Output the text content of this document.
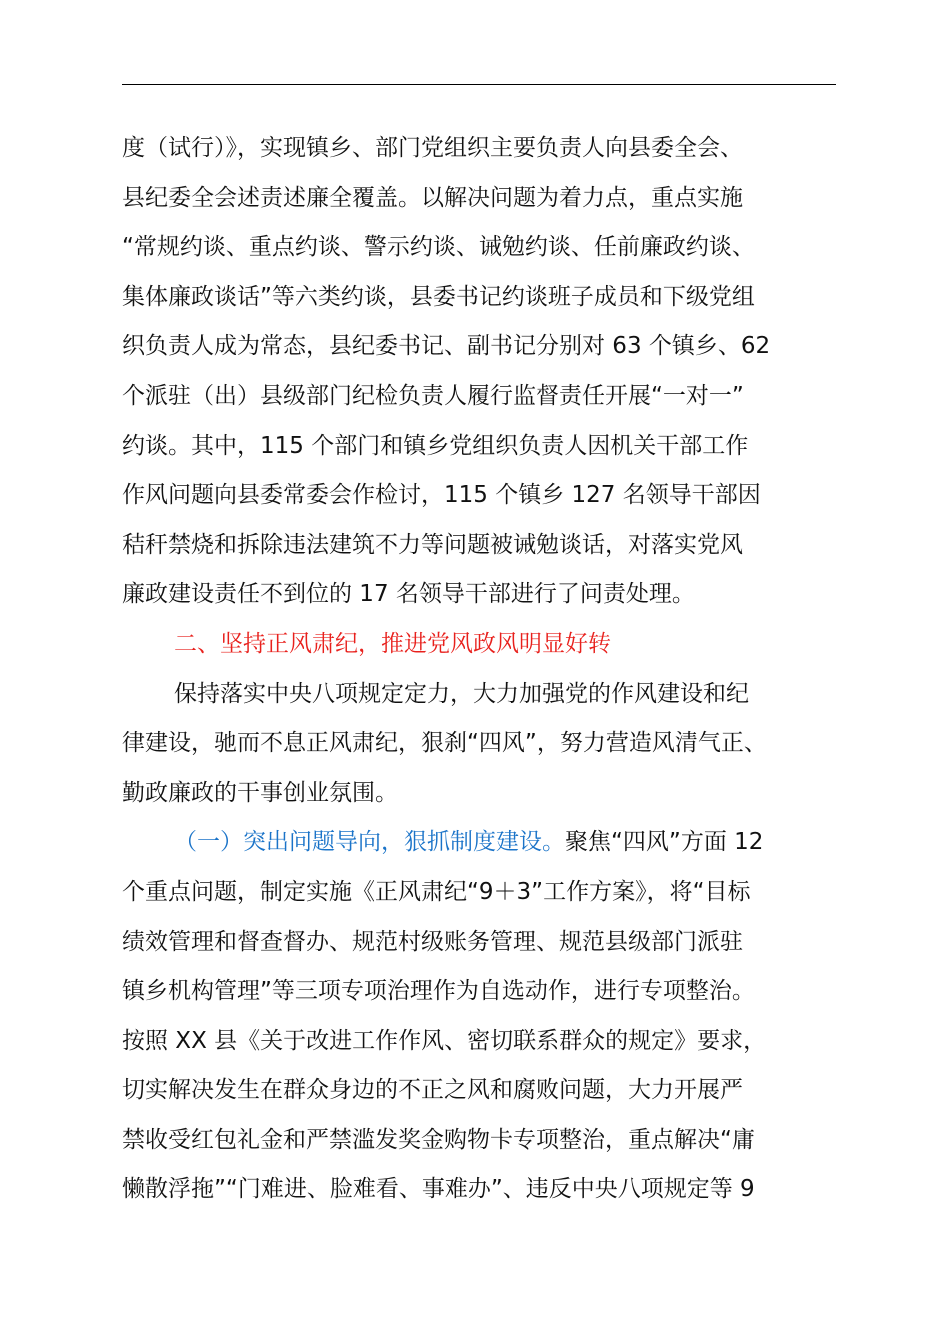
度（试行）》，实现镇乡、部门党组织主要负责人向县委全会、
县纪委全会述责述廉全覆盖。以解决问题为着力点，重点实施
“常规约谈、重点约谈、警示约谈、诫勉约谈、任前廉政约谈、
集体廉政谈话”等六类约谈，县委书记约谈班子成员和下级党组
织负责人成为常态，县纪委书记、副书记分别对 63 个镇乡、62
个派驻（出）县级部门纪检负责人履行监督责任开展“一对一”
约谈。其中，115 个部门和镇乡党组织负责人因机关干部工作
作风问题向县委常委会作检讨，115 个镇乡 127 名领导干部因
秸秆禁烧和拆除违法建筑不力等问题被诫勉谈话，对落实党风
廉政建设责任不到位的 17 名领导干部进行了问责处理。
二、坚持正风肃纪，推进党风政风明显好转
保持落实中央八项规定定力，大力加强党的作风建设和纪
律建设，驰而不息正风肃纪，狠刹“四风”，努力营造风清气正、
勤政廉政的干事创业氛围。
（一）突出问题导向，狠抓制度建设。聚焦“四风”方面 12
个重点问题，制定实施《正风肃纪“9＋3”工作方案》，将“目标
绩效管理和督查督办、规范村级账务管理、规范县级部门派驻
镇乡机构管理”等三项专项治理作为自选动作，进行专项整治。
按照 XX 县《关于改进工作作风、密切联系群众的规定》要求，
切实解决发生在群众身边的不正之风和腐败问题，大力开展严
禁收受红包礼金和严禁滥发奖金购物卡专项整治，重点解决“庸
懒散浮拖”“门难进、脸难看、事难办”、违反中央八项规定等 9
